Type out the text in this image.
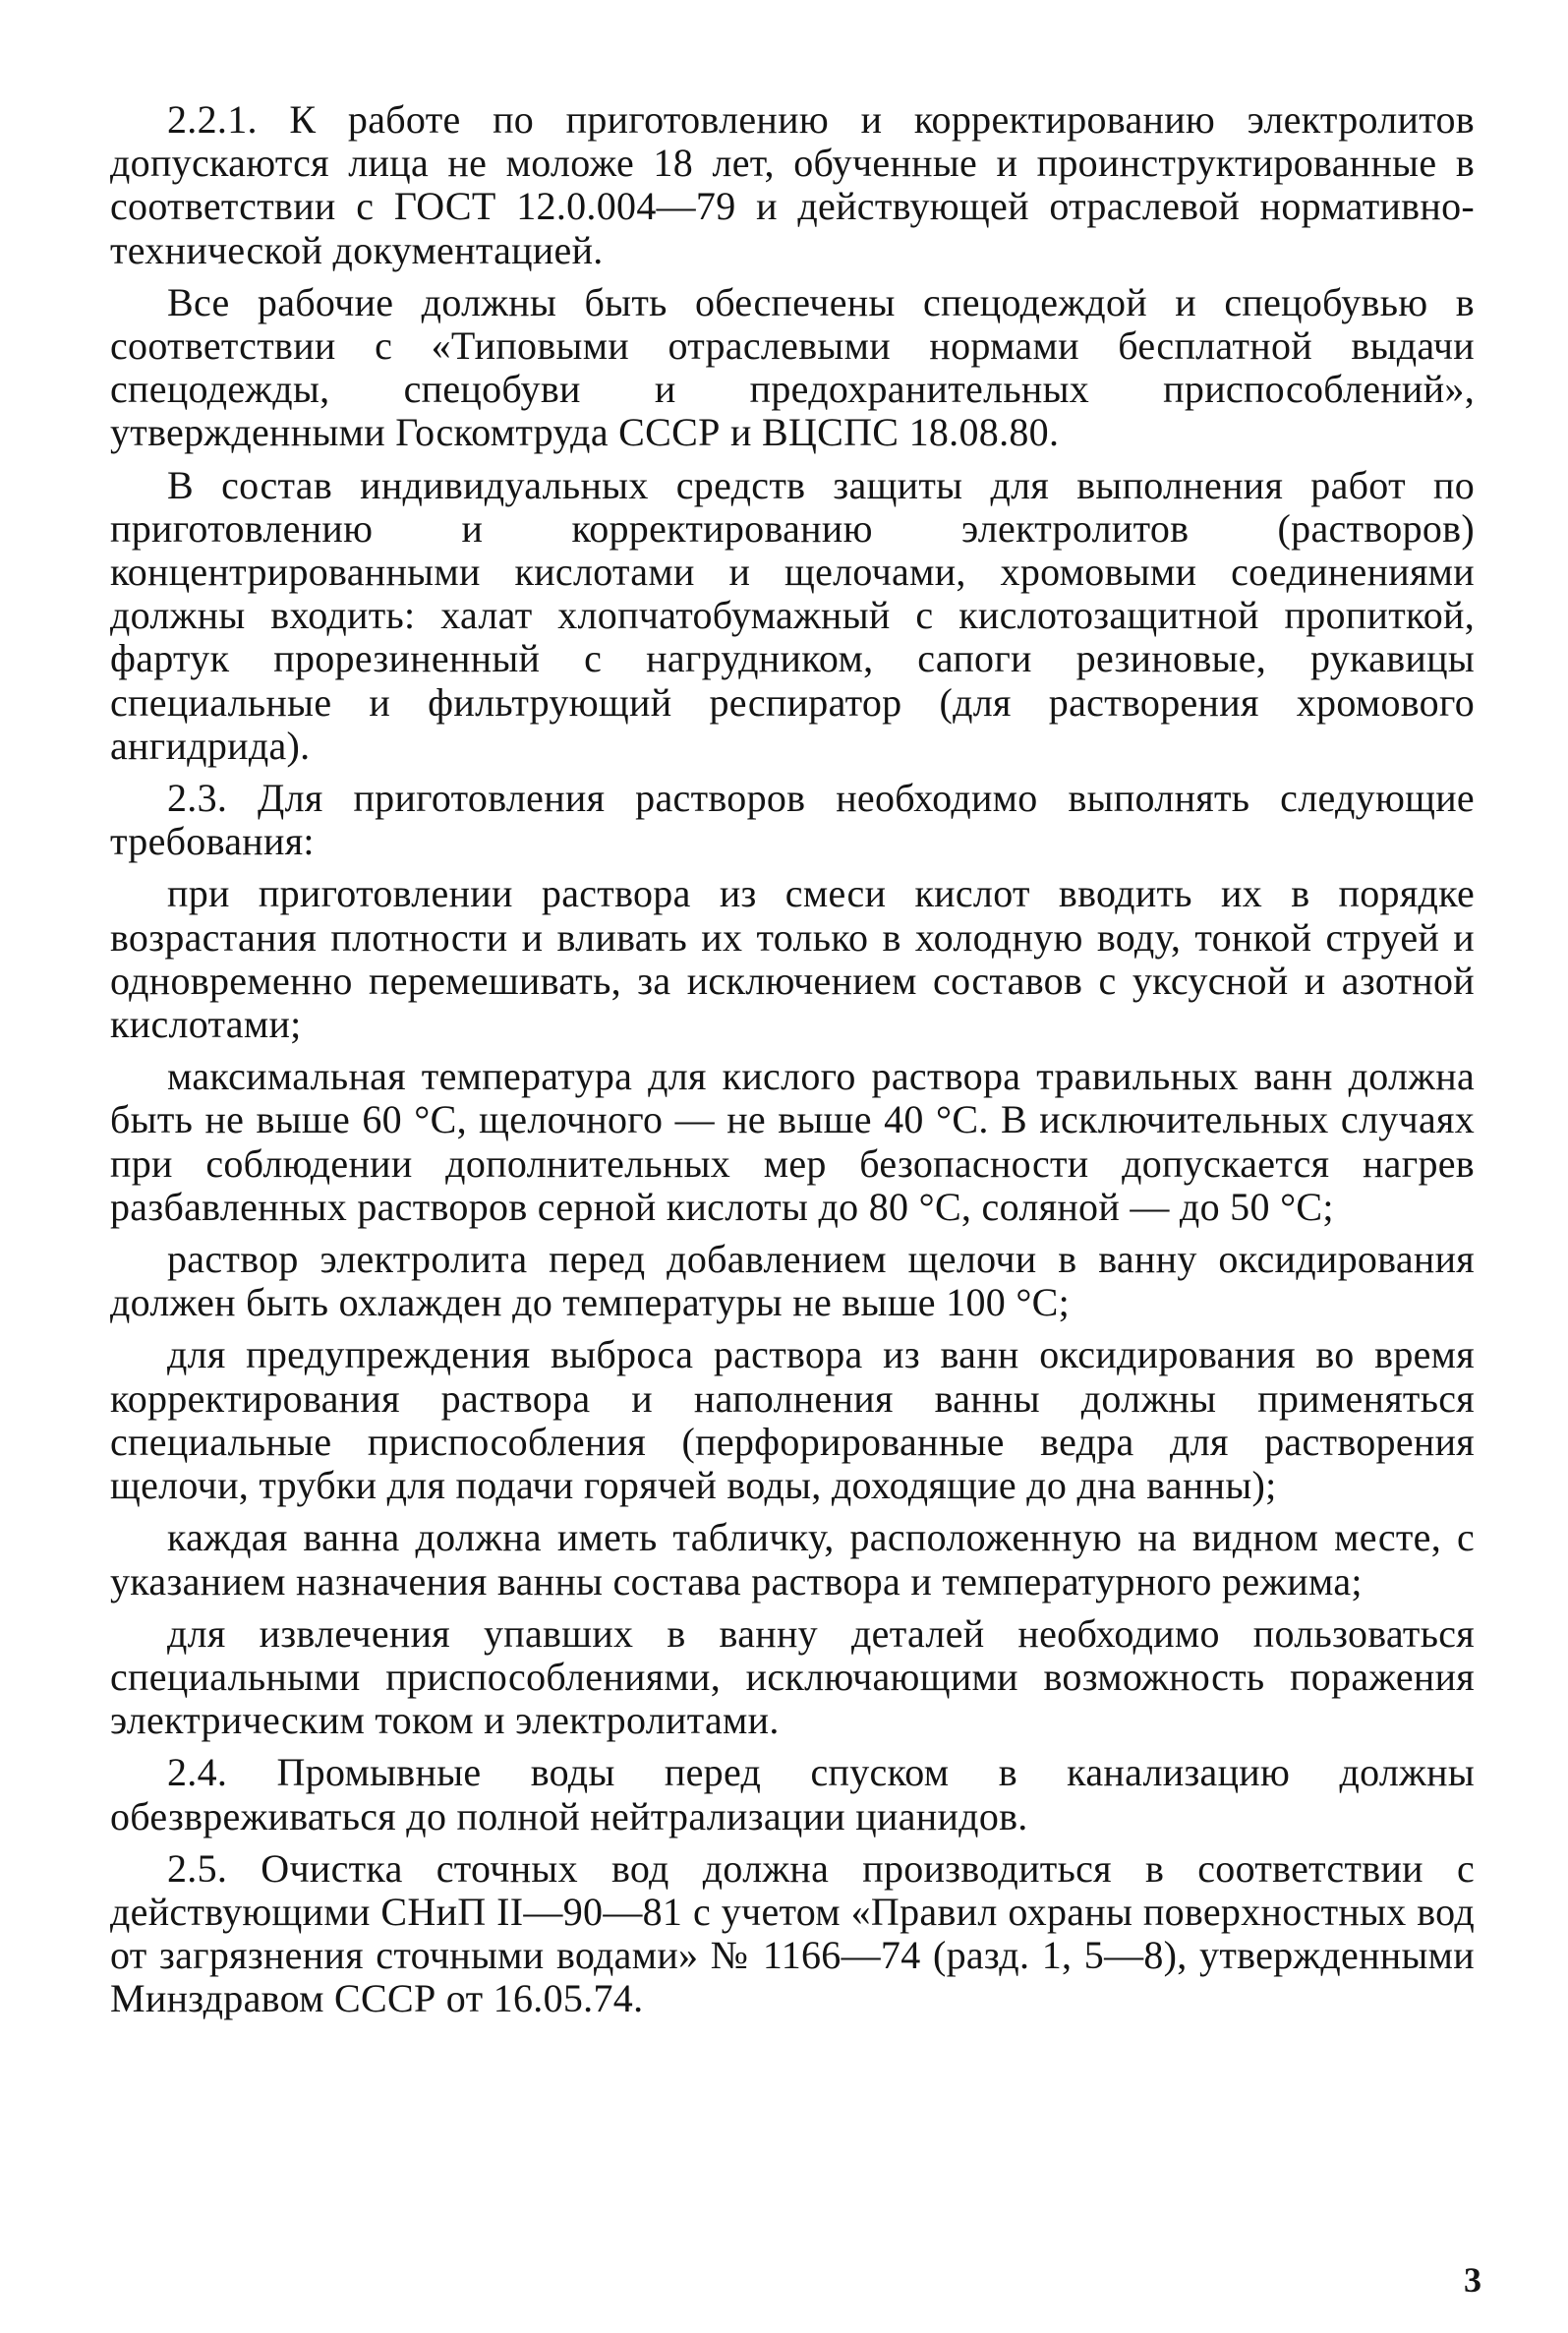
2.2.1. К работе по приготовлению и корректированию электролитов допускаются лица не моложе 18 лет, обученные и проинструктированные в соответствии с ГОСТ 12.0.004—79 и действующей отраслевой нормативно-технической документацией.

Все рабочие должны быть обеспечены спецодеждой и спецобувью в соответствии с «Типовыми отраслевыми нормами бесплатной выдачи спецодежды, спецобуви и предохранительных приспособлений», утвержденными Госкомтруда СССР и ВЦСПС 18.08.80.

В состав индивидуальных средств защиты для выполнения работ по приготовлению и корректированию электролитов (растворов) концентрированными кислотами и щелочами, хромовыми соединениями должны входить: халат хлопчатобумажный с кислотозащитной пропиткой, фартук прорезиненный с нагрудником, сапоги резиновые, рукавицы специальные и фильтрующий респиратор (для растворения хромового ангидрида).

2.3. Для приготовления растворов необходимо выполнять следующие требования:

при приготовлении раствора из смеси кислот вводить их в порядке возрастания плотности и вливать их только в холодную воду, тонкой струей и одновременно перемешивать, за исключением составов с уксусной и азотной кислотами;

максимальная температура для кислого раствора травильных ванн должна быть не выше 60 °С, щелочного — не выше 40 °С. В исключительных случаях при соблюдении дополнительных мер безопасности допускается нагрев разбавленных растворов серной кислоты до 80 °С, соляной — до 50 °С;

раствор электролита перед добавлением щелочи в ванну оксидирования должен быть охлажден до температуры не выше 100 °С;

для предупреждения выброса раствора из ванн оксидирования во время корректирования раствора и наполнения ванны должны применяться специальные приспособления (перфорированные ведра для растворения щелочи, трубки для подачи горячей воды, доходящие до дна ванны);

каждая ванна должна иметь табличку, расположенную на видном месте, с указанием назначения ванны состава раствора и температурного режима;

для извлечения упавших в ванну деталей необходимо пользоваться специальными приспособлениями, исключающими возможность поражения электрическим током и электролитами.

2.4. Промывные воды перед спуском в канализацию должны обезвреживаться до полной нейтрализации цианидов.

2.5. Очистка сточных вод должна производиться в соответствии с действующими СНиП II—90—81 с учетом «Правил охраны поверхностных вод от загрязнения сточными водами» № 1166—74 (разд. 1, 5—8), утвержденными Минздравом СССР от 16.05.74.

3
